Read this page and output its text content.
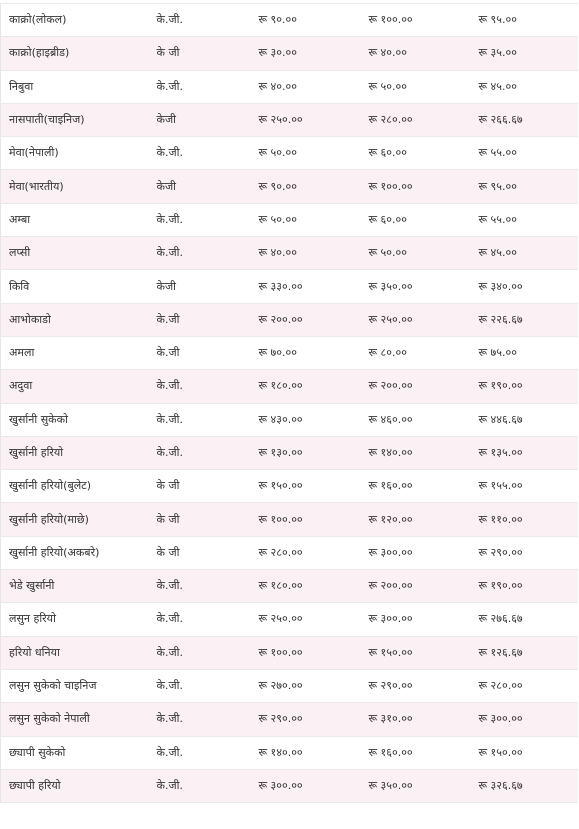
काक्रो(लोकल)	के.जी.	रू ९०.००	रू १००.००	रू ९५.००
काक्रो(हाइब्रीड)	के जी	रू ३०.००	रू ४०.००	रू ३५.००
निबुवा	के.जी.	रू ४०.००	रू ५०.००	रू ४५.००
नासपाती(चाइनिज)	केजी	रू २५०.००	रू २८०.००	रू २६६.६७
मेवा(नेपाली)	के.जी.	रू ५०.००	रू ६०.००	रू ५५.००
मेवा(भारतीय)	केजी	रू ९०.००	रू १००.००	रू ९५.००
अम्बा	के.जी.	रू ५०.००	रू ६०.००	रू ५५.००
लप्सी	के.जी.	रू ४०.००	रू ५०.००	रू ४५.००
किवि	केजी	रू ३३०.००	रू ३५०.००	रू ३४०.००
आभोकाडो	के.जी	रू २००.००	रू २५०.००	रू २२६.६७
अमला	के.जी	रू ७०.००	रू ८०.००	रू ७५.००
अदुवा	के.जी.	रू १८०.००	रू २००.००	रू १९०.००
खुर्सानी सुकेको	के.जी.	रू ४३०.००	रू ४६०.००	रू ४४६.६७
खुर्सानी हरियो	के.जी.	रू १३०.००	रू १४०.००	रू १३५.००
खुर्सानी हरियो(बुलेट)	के जी	रू १५०.००	रू १६०.००	रू १५५.००
खुर्सानी हरियो(माछे)	के जी	रू १००.००	रू १२०.००	रू ११०.००
खुर्सानी हरियो(अकबरे)	के जी	रू २८०.००	रू ३००.००	रू २९०.००
भेडे खुर्सानी	के.जी.	रू १८०.००	रू २००.००	रू १९०.००
लसुन हरियो	के.जी.	रू २५०.००	रू ३००.००	रू २७६.६७
हरियो धनिया	के.जी.	रू १००.००	रू १५०.००	रू १२६.६७
लसुन सुकेको चाइनिज	के.जी.	रू २७०.००	रू २९०.००	रू २८०.००
लसुन सुकेको नेपाली	के.जी.	रू २९०.००	रू ३१०.००	रू ३००.००
छ्यापी सुकेको	के.जी.	रू १४०.००	रू १६०.००	रू १५०.००
छ्यापी हरियो	के.जी.	रू ३००.००	रू ३५०.००	रू ३२६.६७
